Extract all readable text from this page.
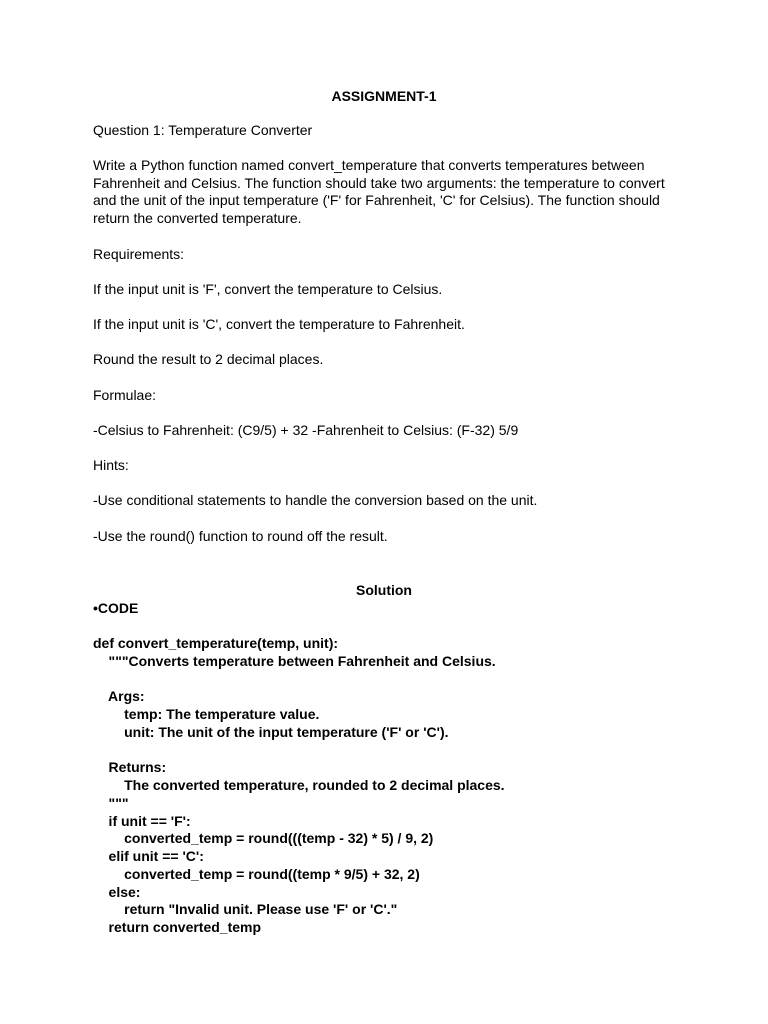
ASSIGNMENT-1

Question 1: Temperature Converter

Write a Python function named convert_temperature that converts temperatures between Fahrenheit and Celsius. The function should take two arguments: the temperature to convert and the unit of the input temperature ('F' for Fahrenheit, 'C' for Celsius). The function should return the converted temperature.

Requirements:

If the input unit is 'F', convert the temperature to Celsius.

If the input unit is 'C', convert the temperature to Fahrenheit.

Round the result to 2 decimal places.

Formulae:

-Celsius to Fahrenheit: (C9/5) + 32 -Fahrenheit to Celsius: (F-32) 5/9

Hints:

-Use conditional statements to handle the conversion based on the unit.

-Use the round() function to round off the result.

Solution

•CODE

def convert_temperature(temp, unit):
"""Converts temperature between Fahrenheit and Celsius.
Args:
temp: The temperature value.
unit: The unit of the input temperature ('F' or 'C').
Returns:
The converted temperature, rounded to 2 decimal places.
"""
if unit == 'F':
converted_temp = round(((temp - 32) * 5) / 9, 2)
elif unit == 'C':
converted_temp = round((temp * 9/5) + 32, 2)
else:
return "Invalid unit. Please use 'F' or 'C'."
return converted_temp
